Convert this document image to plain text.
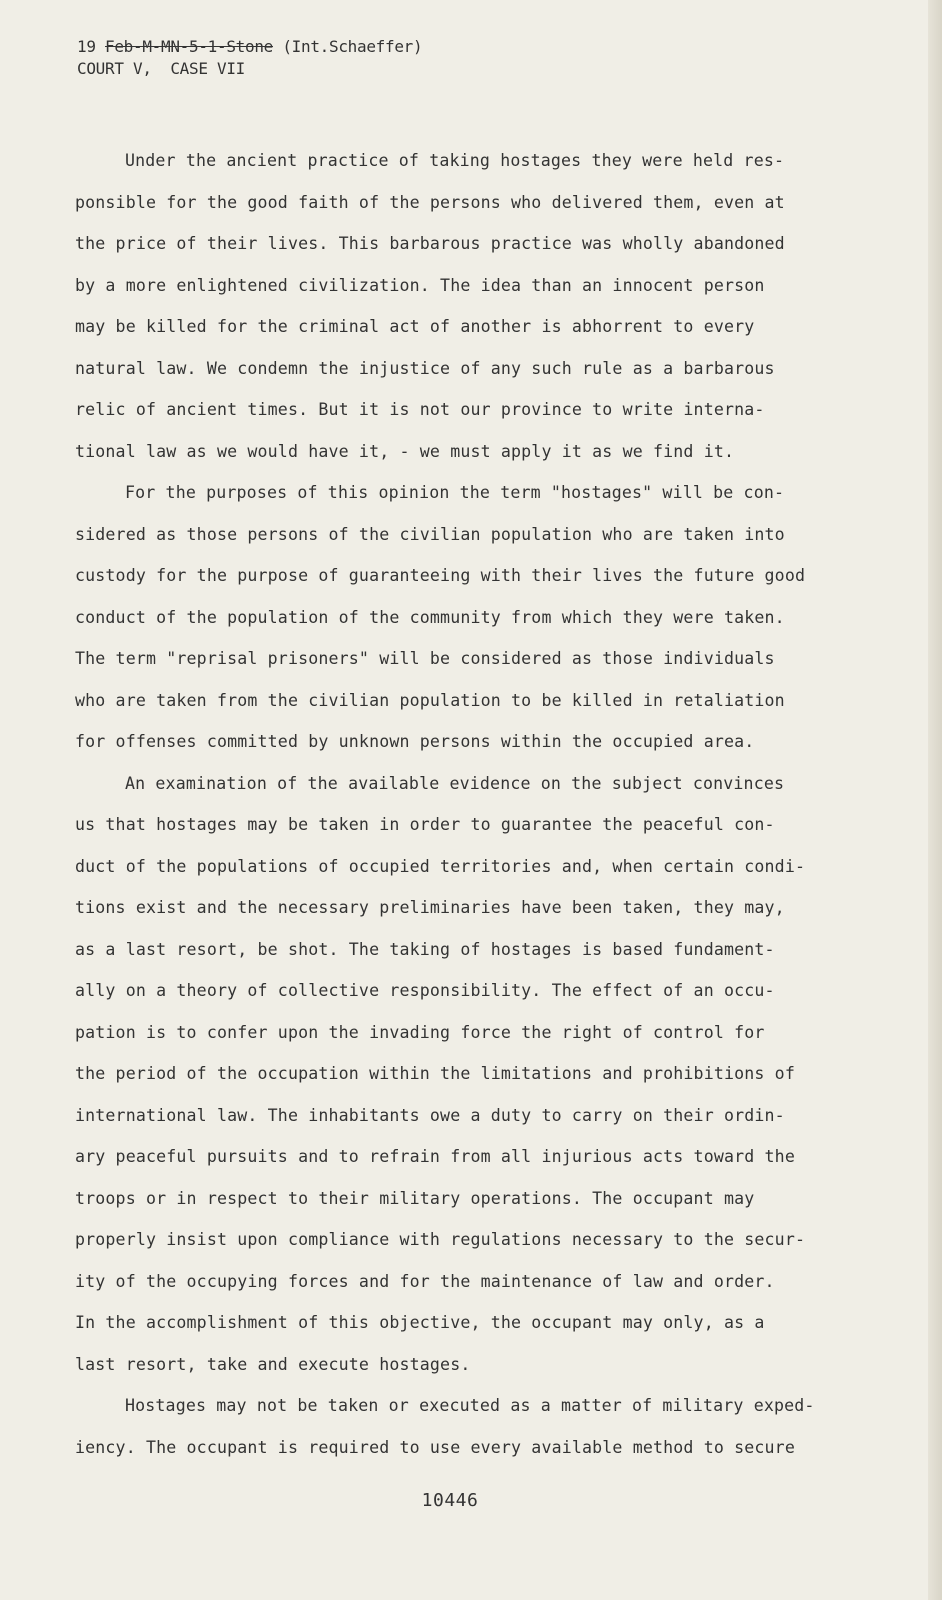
19 Feb-M-MN-5-1-Stone (Int.Schaeffer)
COURT V,  CASE VII
Under the ancient practice of taking hostages they were held res-
ponsible for the good faith of the persons who delivered them, even at
the price of their lives. This barbarous practice was wholly abandoned
by a more enlightened civilization. The idea than an innocent person
may be killed for the criminal act of another is abhorrent to every
natural law. We condemn the injustice of any such rule as a barbarous
relic of ancient times. But it is not our province to write interna-
tional law as we would have it, - we must apply it as we find it.
For the purposes of this opinion the term "hostages" will be con-
sidered as those persons of the civilian population who are taken into
custody for the purpose of guaranteeing with their lives the future good
conduct of the population of the community from which they were taken.
The term "reprisal prisoners" will be considered as those individuals
who are taken from the civilian population to be killed in retaliation
for offenses committed by unknown persons within the occupied area.
An examination of the available evidence on the subject convinces
us that hostages may be taken in order to guarantee the peaceful con-
duct of the populations of occupied territories and, when certain condi-
tions exist and the necessary preliminaries have been taken, they may,
as a last resort, be shot. The taking of hostages is based fundament-
ally on a theory of collective responsibility. The effect of an occu-
pation is to confer upon the invading force the right of control for
the period of the occupation within the limitations and prohibitions of
international law. The inhabitants owe a duty to carry on their ordin-
ary peaceful pursuits and to refrain from all injurious acts toward the
troops or in respect to their military operations. The occupant may
properly insist upon compliance with regulations necessary to the secur-
ity of the occupying forces and for the maintenance of law and order.
In the accomplishment of this objective, the occupant may only, as a
last resort, take and execute hostages.
Hostages may not be taken or executed as a matter of military exped-
iency. The occupant is required to use every available method to secure
10446
